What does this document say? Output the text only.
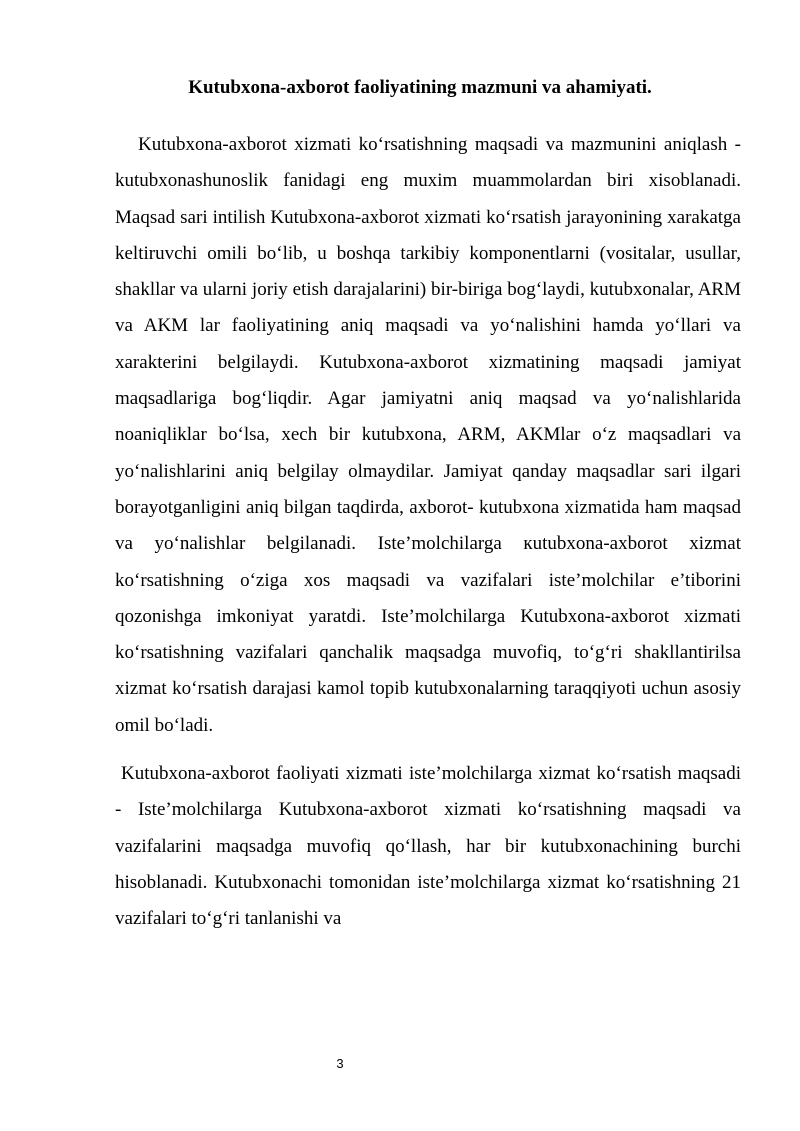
Kutubxona-axborot faoliyatining mazmuni va ahamiyati.

Kutubxona-axborot xizmati ko‘rsatishning maqsadi va mazmunini aniqlash - kutubxonashunoslik fanidagi eng muxim muammolardan biri xisoblanadi. Maqsad sari intilish Kutubxona-axborot xizmati ko‘rsatish jarayonining xarakatga keltiruvchi omili bo‘lib, u boshqa tarkibiy komponentlarni (vositalar, usullar, shakllar va ularni joriy etish darajalarini) bir-biriga bog‘laydi, kutubxonalar, ARM va AKM lar faoliyatining aniq maqsadi va yo‘nalishini hamda yo‘llari va xarakterini belgilaydi. Kutubxona-axborot xizmatining maqsadi jamiyat maqsadlariga bog‘liqdir. Agar jamiyatni aniq maqsad va yo‘nalishlarida noaniqliklar bo‘lsa, xech bir kutubxona, ARM, AKMlar o‘z maqsadlari va yo‘nalishlarini aniq belgilay olmaydilar. Jamiyat qanday maqsadlar sari ilgari borayotganligini aniq bilgan taqdirda, axborot- kutubxona xizmatida ham maqsad va yo‘nalishlar belgilanadi. Iste’molchilarga кutubxona-axborot xizmat ko‘rsatishning o‘ziga xos maqsadi va vazifalari iste’molchilar e’tiborini qozonishga imkoniyat yaratdi. Iste’molchilarga Kutubxona-axborot xizmati ko‘rsatishning vazifalari qanchalik maqsadga muvofiq, to‘g‘ri shakllantirilsa xizmat ko‘rsatish darajasi kamol topib kutubxonalarning taraqqiyoti uchun asosiy omil bo‘ladi.

Kutubxona-axborot faoliyati xizmati iste’molchilarga xizmat ko‘rsatish maqsadi - Iste’molchilarga Kutubxona-axborot xizmati ko‘rsatishning maqsadi va vazifalarini maqsadga muvofiq qo‘llash, har bir kutubxonachining burchi hisoblanadi. Kutubxonachi tomonidan iste’molchilarga xizmat ko‘rsatishning 21 vazifalari to‘g‘ri tanlanishi va

3
